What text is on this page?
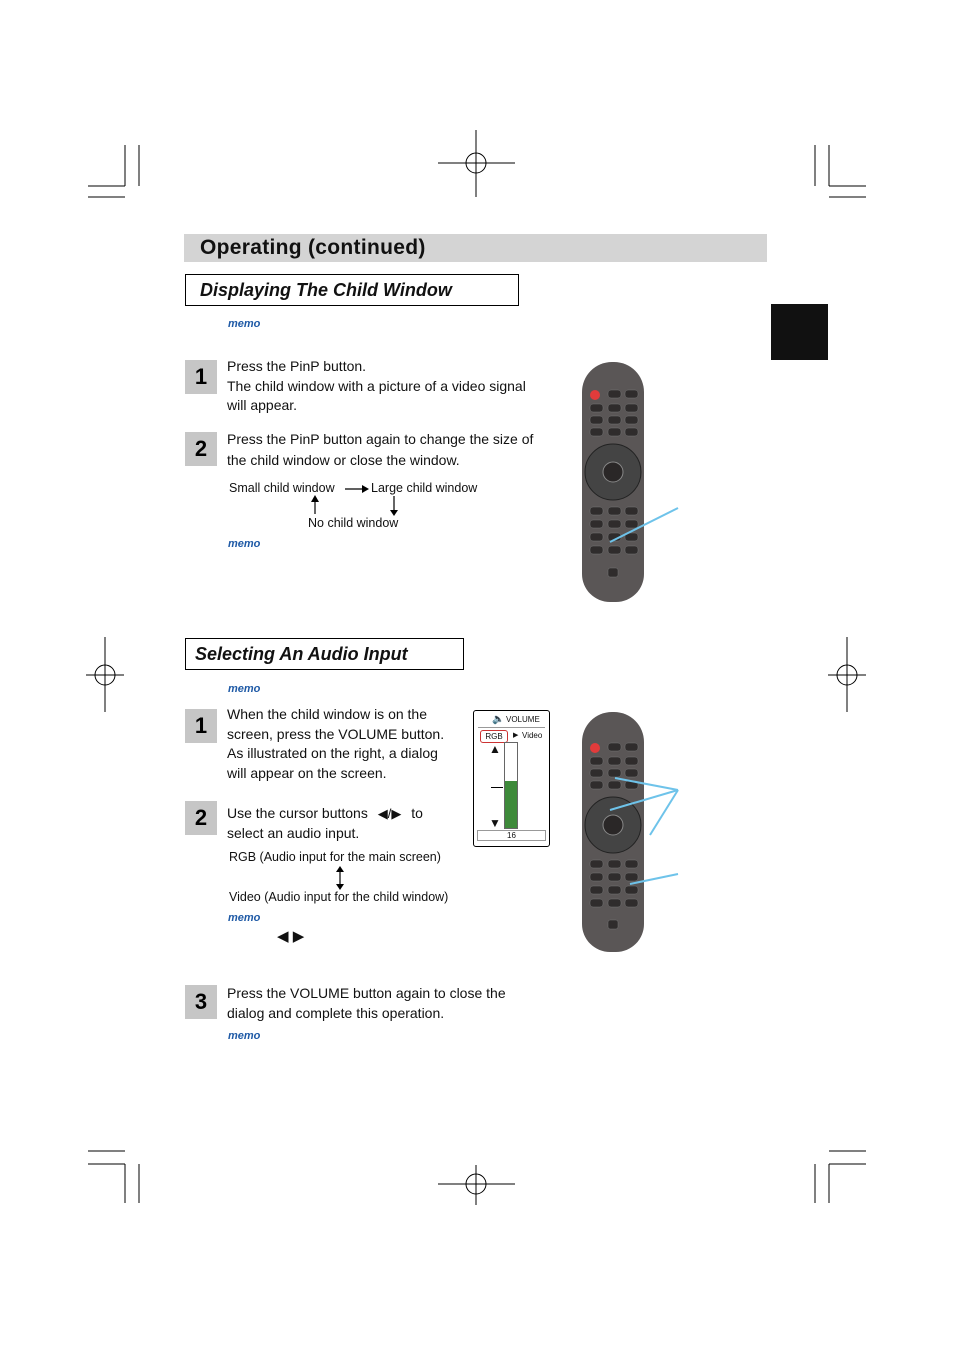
Operating (continued)
Displaying The Child Window
memo
1	Press the PinP button.
The child window with a picture of a video signal
will appear.
2	Press the PinP button again to change the size of
the child window or close the window.
Small child window	Large child window
No child window
memo
Selecting An Audio Input
memo
1	When the child window is on the
screen, press the VOLUME button.
As illustrated on the right, a dialog
will appear on the screen.
2	Use the cursor buttons ◀/▶ to
select an audio input.
RGB (Audio input for the main screen)
Video (Audio input for the child window)
memo
◀ ▶
3	Press the VOLUME button again to close the
dialog and complete this operation.
memo
🔈 VOLUME
RGB	▶ Video
▲
▼
16
